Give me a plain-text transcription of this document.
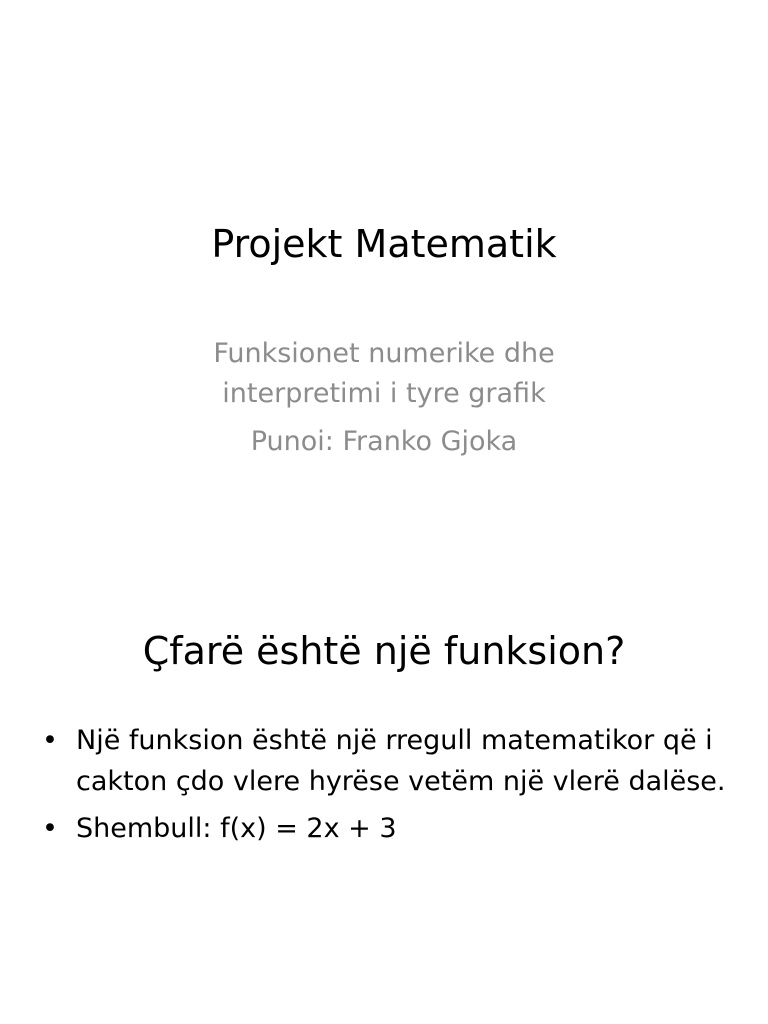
Projekt Matematik
Funksionet numerike dhe
interpretimi i tyre grafik
Punoi: Franko Gjoka
Çfarë është një funksion?
• Një funksion është një rregull matematikor që i cakton çdo vlere hyrëse vetëm një vlerë dalëse.
• Shembull: f(x) = 2x + 3
